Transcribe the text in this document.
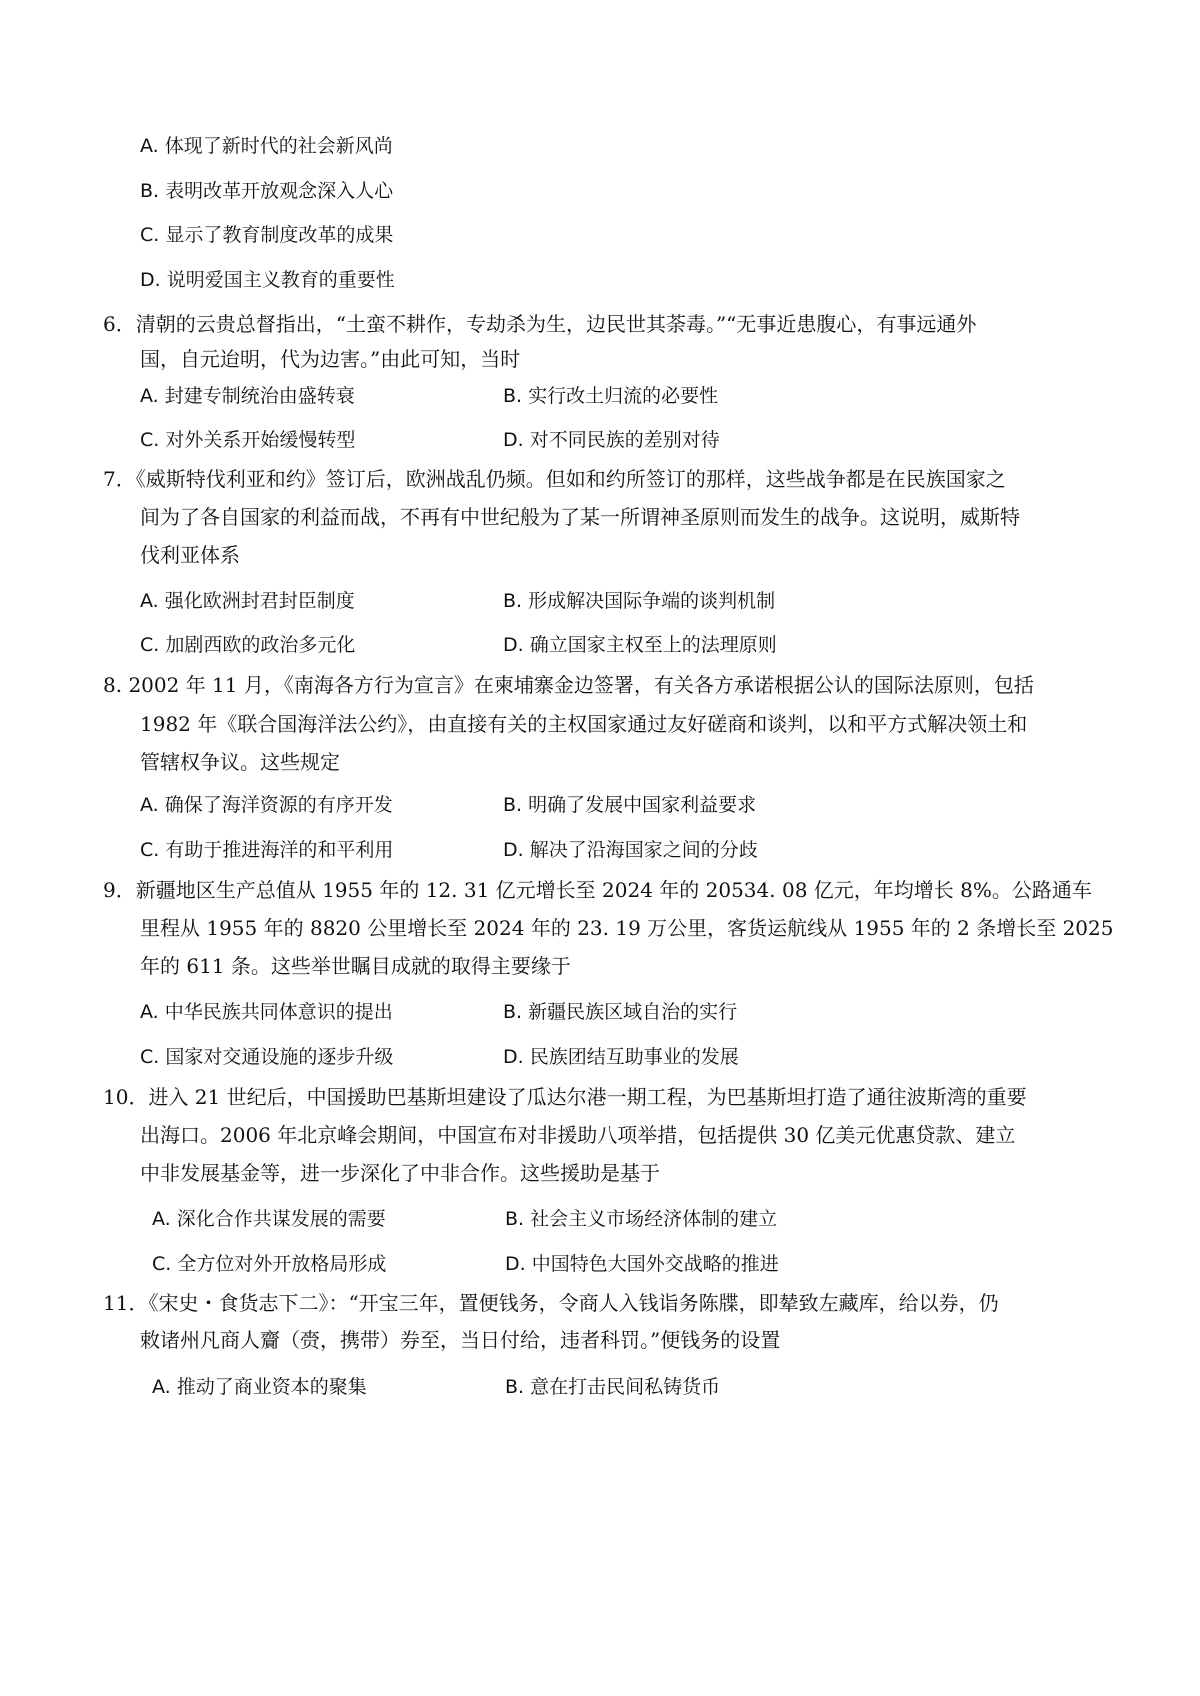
A. 体现了新时代的社会新风尚
B. 表明改革开放观念深入人心
C. 显示了教育制度改革的成果
D. 说明爱国主义教育的重要性
6．清朝的云贵总督指出，“土蛮不耕作，专劫杀为生，边民世其荼毒。”“无事近患腹心，有事远通外
国，自元迨明，代为边害。”由此可知，当时
A. 封建专制统治由盛转衰	B. 实行改土归流的必要性
C. 对外关系开始缓慢转型	D. 对不同民族的差别对待
7．《威斯特伐利亚和约》签订后，欧洲战乱仍频。但如和约所签订的那样，这些战争都是在民族国家之
间为了各自国家的利益而战，不再有中世纪般为了某一所谓神圣原则而发生的战争。这说明，威斯特
伐利亚体系
A. 强化欧洲封君封臣制度	B. 形成解决国际争端的谈判机制
C. 加剧西欧的政治多元化	D. 确立国家主权至上的法理原则
8. 2002 年 11 月，《南海各方行为宣言》在柬埔寨金边签署，有关各方承诺根据公认的国际法原则，包括
1982 年《联合国海洋法公约》，由直接有关的主权国家通过友好磋商和谈判，以和平方式解决领土和
管辖权争议。这些规定
A. 确保了海洋资源的有序开发	B. 明确了发展中国家利益要求
C. 有助于推进海洋的和平利用	D. 解决了沿海国家之间的分歧
9．新疆地区生产总值从 1955 年的 12. 31 亿元增长至 2024 年的 20534. 08 亿元，年均增长 8%。公路通车
里程从 1955 年的 8820 公里增长至 2024 年的 23. 19 万公里，客货运航线从 1955 年的 2 条增长至 2025
年的 611 条。这些举世瞩目成就的取得主要缘于
A. 中华民族共同体意识的提出	B. 新疆民族区域自治的实行
C. 国家对交通设施的逐步升级	D. 民族团结互助事业的发展
10．进入 21 世纪后，中国援助巴基斯坦建设了瓜达尔港一期工程，为巴基斯坦打造了通往波斯湾的重要
出海口。2006 年北京峰会期间，中国宣布对非援助八项举措，包括提供 30 亿美元优惠贷款、建立
中非发展基金等，进一步深化了中非合作。这些援助是基于
A. 深化合作共谋发展的需要	B. 社会主义市场经济体制的建立
C. 全方位对外开放格局形成	D. 中国特色大国外交战略的推进
11．《宋史・食货志下二》：“开宝三年，置便钱务，令商人入钱诣务陈牒，即辇致左藏库，给以券，仍
敕诸州凡商人齎（赍，携带）券至，当日付给，违者科罚。”便钱务的设置
A. 推动了商业资本的聚集	B. 意在打击民间私铸货币
